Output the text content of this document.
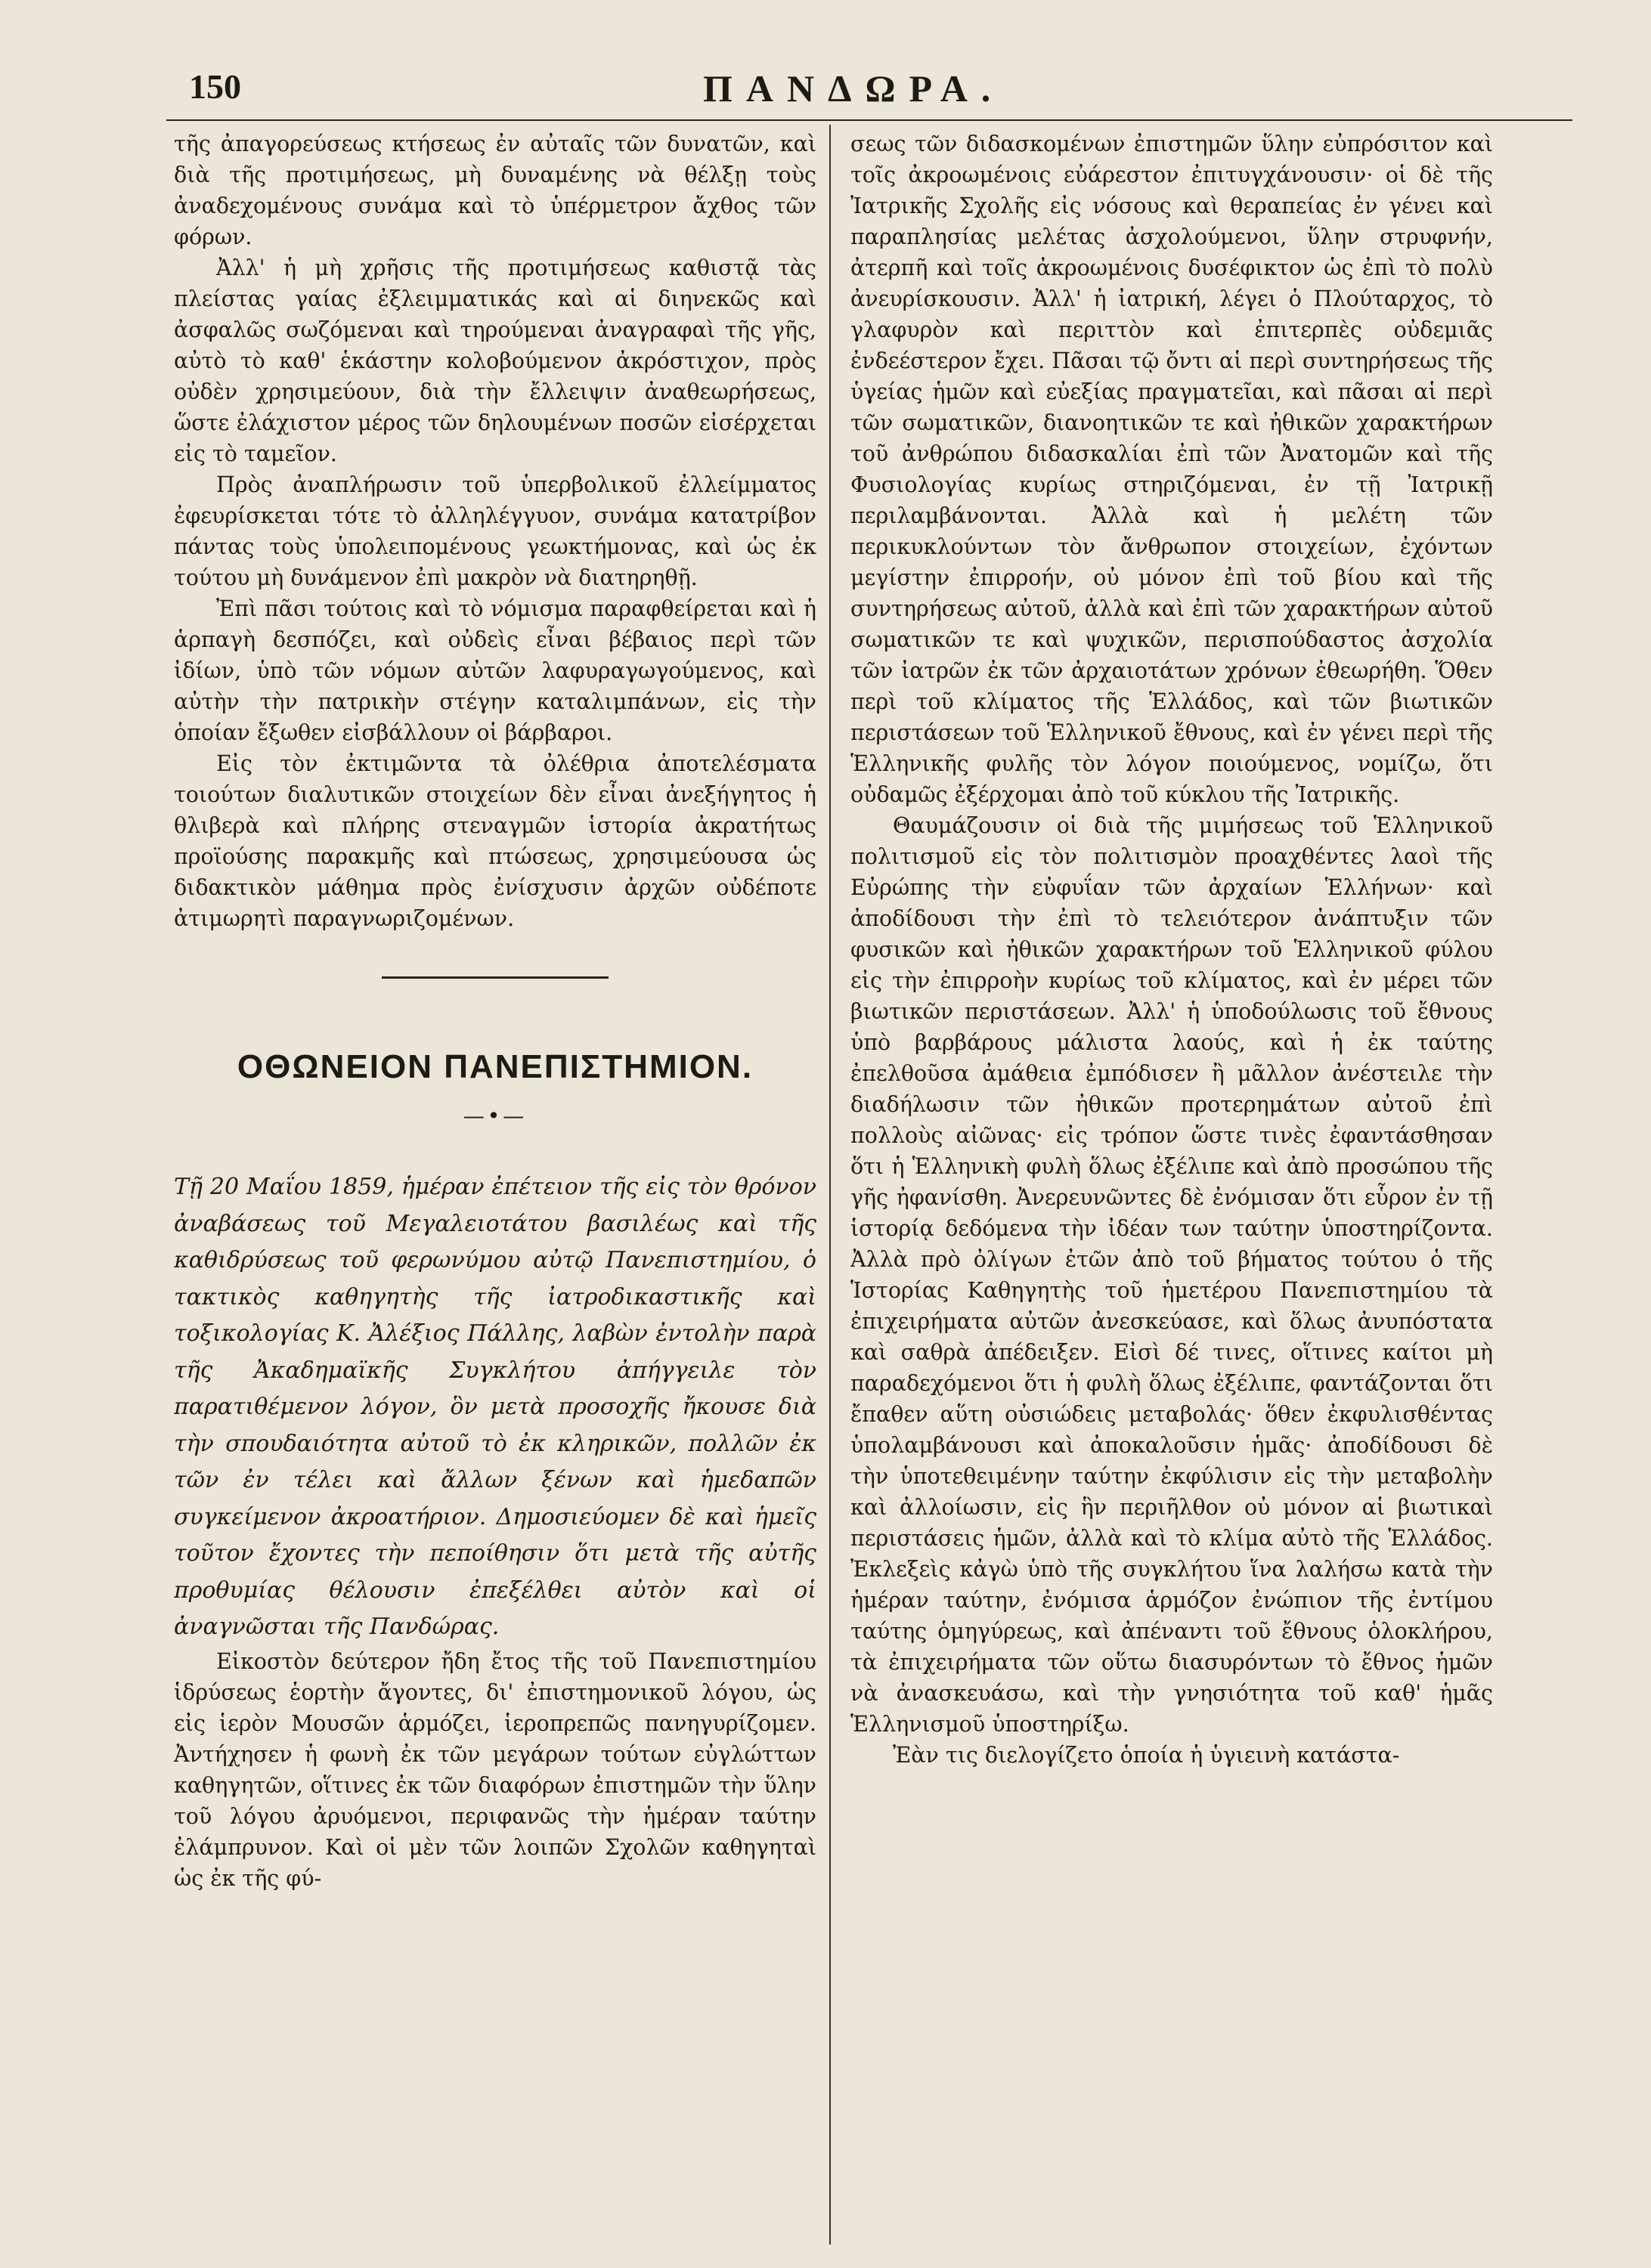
150	ΠΑΝΔΩΡΑ.

τῆς ἀπαγορεύσεως κτήσεως ἐν αὐταῖς τῶν δυνατῶν, καὶ διὰ τῆς προτιμήσεως, μὴ δυναμένης νὰ θέλξῃ τοὺς ἀναδεχομένους συνάμα καὶ τὸ ὑπέρμετρον ἄχθος τῶν φόρων.

Ἀλλ' ἡ μὴ χρῆσις τῆς προτιμήσεως καθιστᾷ τὰς πλείστας γαίας ἐξλειμματικάς καὶ αἱ διηνεκῶς καὶ ἀσφαλῶς σωζόμεναι καὶ τηρούμεναι ἀναγραφαὶ τῆς γῆς, αὐτὸ τὸ καθ' ἑκάστην κολοβούμενον ἀκρόστιχον, πρὸς οὐδὲν χρησιμεύουν, διὰ τὴν ἔλλειψιν ἀναθεωρήσεως, ὥστε ἐλάχιστον μέρος τῶν δηλουμένων ποσῶν εἰσέρχεται εἰς τὸ ταμεῖον.

Πρὸς ἀναπλήρωσιν τοῦ ὑπερβολικοῦ ἐλλείμματος ἐφευρίσκεται τότε τὸ ἀλληλέγγυον, συνάμα κατατρίβον πάντας τοὺς ὑπολειπομένους γεωκτήμονας, καὶ ὡς ἐκ τούτου μὴ δυνάμενον ἐπὶ μακρὸν νὰ διατηρηθῇ.

Ἐπὶ πᾶσι τούτοις καὶ τὸ νόμισμα παραφθείρεται καὶ ἡ ἁρπαγὴ δεσπόζει, καὶ οὐδεὶς εἶναι βέβαιος περὶ τῶν ἰδίων, ὑπὸ τῶν νόμων αὐτῶν λαφυραγωγούμενος, καὶ αὐτὴν τὴν πατρικὴν στέγην καταλιμπάνων, εἰς τὴν ὁποίαν ἔξωθεν εἰσβάλλουν οἱ βάρβαροι.

Εἰς τὸν ἐκτιμῶντα τὰ ὀλέθρια ἀποτελέσματα τοιούτων διαλυτικῶν στοιχείων δὲν εἶναι ἀνεξήγητος ἡ θλιβερὰ καὶ πλήρης στεναγμῶν ἱστορία ἀκρατήτως προϊούσης παρακμῆς καὶ πτώσεως, χρησιμεύουσα ὡς διδακτικὸν μάθημα πρὸς ἐνίσχυσιν ἀρχῶν οὐδέποτε ἀτιμωρητὶ παραγνωριζομένων.

ΟΘΩΝΕΙΟΝ ΠΑΝΕΠΙΣΤΗΜΙΟΝ.
—•—

Τῇ 20 Μαΐου 1859, ἡμέραν ἐπέτειον τῆς εἰς τὸν θρόνον ἀναβάσεως τοῦ Μεγαλειοτάτου βασιλέως καὶ τῆς καθιδρύσεως τοῦ φερωνύμου αὐτῷ Πανεπιστημίου, ὁ τακτικὸς καθηγητὴς τῆς ἰατροδικαστικῆς καὶ τοξικολογίας Κ. Ἀλέξιος Πάλλης, λαβὼν ἐντολὴν παρὰ τῆς Ἀκαδημαϊκῆς Συγκλήτου ἀπήγγειλε τὸν παρατιθέμενον λόγον, ὃν μετὰ προσοχῆς ἤκουσε διὰ τὴν σπουδαιότητα αὐτοῦ τὸ ἐκ κληρικῶν, πολλῶν ἐκ τῶν ἐν τέλει καὶ ἄλλων ξένων καὶ ἡμεδαπῶν συγκείμενον ἀκροατήριον. Δημοσιεύομεν δὲ καὶ ἡμεῖς τοῦτον ἔχοντες τὴν πεποίθησιν ὅτι μετὰ τῆς αὐτῆς προθυμίας θέλουσιν ἐπεξέλθει αὐτὸν καὶ οἱ ἀναγνῶσται τῆς Πανδώρας.

Εἰκοστὸν δεύτερον ἤδη ἔτος τῆς τοῦ Πανεπιστημίου ἱδρύσεως ἑορτὴν ἄγοντες, δι' ἐπιστημονικοῦ λόγου, ὡς εἰς ἱερὸν Μουσῶν ἁρμόζει, ἱεροπρεπῶς πανηγυρίζομεν. Ἀντήχησεν ἡ φωνὴ ἐκ τῶν μεγάρων τούτων εὐγλώττων καθηγητῶν, οἵτινες ἐκ τῶν διαφόρων ἐπιστημῶν τὴν ὕλην τοῦ λόγου ἀρυόμενοι, περιφανῶς τὴν ἡμέραν ταύτην ἐλάμπρυνον. Καὶ οἱ μὲν τῶν λοιπῶν Σχολῶν καθηγηταὶ ὡς ἐκ τῆς φύ-

σεως τῶν διδασκομένων ἐπιστημῶν ὕλην εὐπρόσιτον καὶ τοῖς ἀκροωμένοις εὐάρεστον ἐπιτυγχάνουσιν· οἱ δὲ τῆς Ἰατρικῆς Σχολῆς εἰς νόσους καὶ θεραπείας ἐν γένει καὶ παραπλησίας μελέτας ἀσχολούμενοι, ὕλην στρυφνήν, ἀτερπῆ καὶ τοῖς ἀκροωμένοις δυσέφικτον ὡς ἐπὶ τὸ πολὺ ἀνευρίσκουσιν. Ἀλλ' ἡ ἰατρική, λέγει ὁ Πλούταρχος, τὸ γλαφυρὸν καὶ περιττὸν καὶ ἐπιτερπὲς οὐδεμιᾶς ἐνδεέστερον ἔχει. Πᾶσαι τῷ ὄντι αἱ περὶ συντηρήσεως τῆς ὑγείας ἡμῶν καὶ εὐεξίας πραγματεῖαι, καὶ πᾶσαι αἱ περὶ τῶν σωματικῶν, διανοητικῶν τε καὶ ἠθικῶν χαρακτήρων τοῦ ἀνθρώπου διδασκαλίαι ἐπὶ τῶν Ἀνατομῶν καὶ τῆς Φυσιολογίας κυρίως στηριζόμεναι, ἐν τῇ Ἰατρικῇ περιλαμβάνονται. Ἀλλὰ καὶ ἡ μελέτη τῶν περικυκλούντων τὸν ἄνθρωπον στοιχείων, ἐχόντων μεγίστην ἐπιρροήν, οὐ μόνον ἐπὶ τοῦ βίου καὶ τῆς συντηρήσεως αὐτοῦ, ἀλλὰ καὶ ἐπὶ τῶν χαρακτήρων αὐτοῦ σωματικῶν τε καὶ ψυχικῶν, περισπούδαστος ἀσχολία τῶν ἰατρῶν ἐκ τῶν ἀρχαιοτάτων χρόνων ἐθεωρήθη. Ὅθεν περὶ τοῦ κλίματος τῆς Ἑλλάδος, καὶ τῶν βιωτικῶν περιστάσεων τοῦ Ἑλληνικοῦ ἔθνους, καὶ ἐν γένει περὶ τῆς Ἑλληνικῆς φυλῆς τὸν λόγον ποιούμενος, νομίζω, ὅτι οὐδαμῶς ἐξέρχομαι ἀπὸ τοῦ κύκλου τῆς Ἰατρικῆς.

Θαυμάζουσιν οἱ διὰ τῆς μιμήσεως τοῦ Ἑλληνικοῦ πολιτισμοῦ εἰς τὸν πολιτισμὸν προαχθέντες λαοὶ τῆς Εὐρώπης τὴν εὐφυΐαν τῶν ἀρχαίων Ἑλλήνων· καὶ ἀποδίδουσι τὴν ἐπὶ τὸ τελειότερον ἀνάπτυξιν τῶν φυσικῶν καὶ ἠθικῶν χαρακτήρων τοῦ Ἑλληνικοῦ φύλου εἰς τὴν ἐπιρροὴν κυρίως τοῦ κλίματος, καὶ ἐν μέρει τῶν βιωτικῶν περιστάσεων. Ἀλλ' ἡ ὑποδούλωσις τοῦ ἔθνους ὑπὸ βαρβάρους μάλιστα λαούς, καὶ ἡ ἐκ ταύτης ἐπελθοῦσα ἀμάθεια ἐμπόδισεν ἢ μᾶλλον ἀνέστειλε τὴν διαδήλωσιν τῶν ἠθικῶν προτερημάτων αὐτοῦ ἐπὶ πολλοὺς αἰῶνας· εἰς τρόπον ὥστε τινὲς ἐφαντάσθησαν ὅτι ἡ Ἑλληνικὴ φυλὴ ὅλως ἐξέλιπε καὶ ἀπὸ προσώπου τῆς γῆς ἠφανίσθη. Ἀνερευνῶντες δὲ ἐνόμισαν ὅτι εὗρον ἐν τῇ ἱστορίᾳ δεδόμενα τὴν ἰδέαν των ταύτην ὑποστηρίζοντα. Ἀλλὰ πρὸ ὀλίγων ἐτῶν ἀπὸ τοῦ βήματος τούτου ὁ τῆς Ἱστορίας Καθηγητὴς τοῦ ἡμετέρου Πανεπιστημίου τὰ ἐπιχειρήματα αὐτῶν ἀνεσκεύασε, καὶ ὅλως ἀνυπόστατα καὶ σαθρὰ ἀπέδειξεν. Εἰσὶ δέ τινες, οἵτινες καίτοι μὴ παραδεχόμενοι ὅτι ἡ φυλὴ ὅλως ἐξέλιπε, φαντάζονται ὅτι ἔπαθεν αὕτη οὐσιώδεις μεταβολάς· ὅθεν ἐκφυλισθέντας ὑπολαμβάνουσι καὶ ἀποκαλοῦσιν ἡμᾶς· ἀποδίδουσι δὲ τὴν ὑποτεθειμένην ταύτην ἐκφύλισιν εἰς τὴν μεταβολὴν καὶ ἀλλοίωσιν, εἰς ἣν περιῆλθον οὐ μόνον αἱ βιωτικαὶ περιστάσεις ἡμῶν, ἀλλὰ καὶ τὸ κλίμα αὐτὸ τῆς Ἑλλάδος. Ἐκλεξεὶς κἀγὼ ὑπὸ τῆς συγκλήτου ἵνα λαλήσω κατὰ τὴν ἡμέραν ταύτην, ἐνόμισα ἁρμόζον ἐνώπιον τῆς ἐντίμου ταύτης ὁμηγύρεως, καὶ ἀπέναντι τοῦ ἔθνους ὁλοκλήρου, τὰ ἐπιχειρήματα τῶν οὕτω διασυρόντων τὸ ἔθνος ἡμῶν νὰ ἀνασκευάσω, καὶ τὴν γνησιότητα τοῦ καθ' ἡμᾶς Ἑλληνισμοῦ ὑποστηρίξω.

Ἐὰν τις διελογίζετο ὁποία ἡ ὑγιεινὴ κατάστα-
